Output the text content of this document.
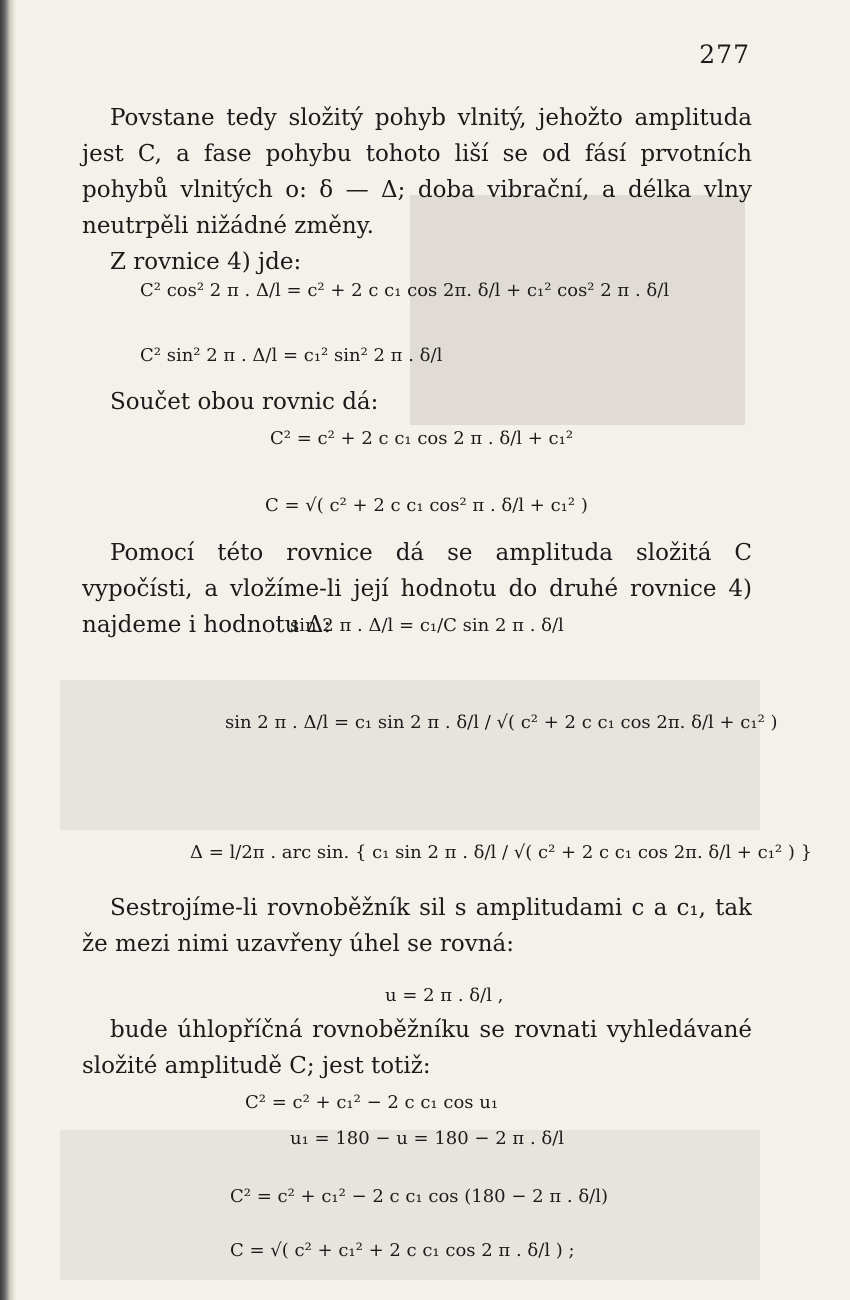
277

Povstane tedy složitý pohyb vlnitý, jehožto amplituda jest C, a fase pohybu tohoto liší se od fásí prvotních pohybů vlnitých o: δ — Δ; doba vibrační, a délka vlny neutrpěli nižádné změny.

Z rovnice 4) jde:

C² cos² 2 π . Δ/l = c² + 2 c c₁ cos 2π. δ/l + c₁² cos² 2 π . δ/l
C² sin² 2 π . Δ/l = c₁² sin² 2 π . δ/l

Součet obou rovnic dá:

C² = c² + 2 c c₁ cos 2 π . δ/l + c₁²
C = √( c² + 2 c c₁ cos² π . δ/l + c₁² )

Pomocí této rovnice dá se amplituda složitá C vypočísti, a vložíme-li její hodnotu do druhé rovnice 4) najdeme i hodnotu Δ:

sin 2 π . Δ/l = c₁/C sin 2 π . δ/l
sin 2 π . Δ/l = c₁ sin 2 π . δ/l / √( c² + 2 c c₁ cos 2π. δ/l + c₁² )
Δ = l/2π . arc sin. { c₁ sin 2 π . δ/l / √( c² + 2 c c₁ cos 2π. δ/l + c₁² ) }

Sestrojíme-li rovnoběžník sil s amplitudami c a c₁, tak že mezi nimi uzavřeny úhel se rovná:

u = 2 π . δ/l ,

bude úhlopříčná rovnoběžníku se rovnati vyhledávané složité amplitudě C; jest totiž:

C² = c² + c₁² − 2 c c₁ cos u₁
u₁ = 180 − u = 180 − 2 π . δ/l
C² = c² + c₁² − 2 c c₁ cos (180 − 2 π . δ/l)
C = √( c² + c₁² + 2 c c₁ cos 2 π . δ/l ) ;
